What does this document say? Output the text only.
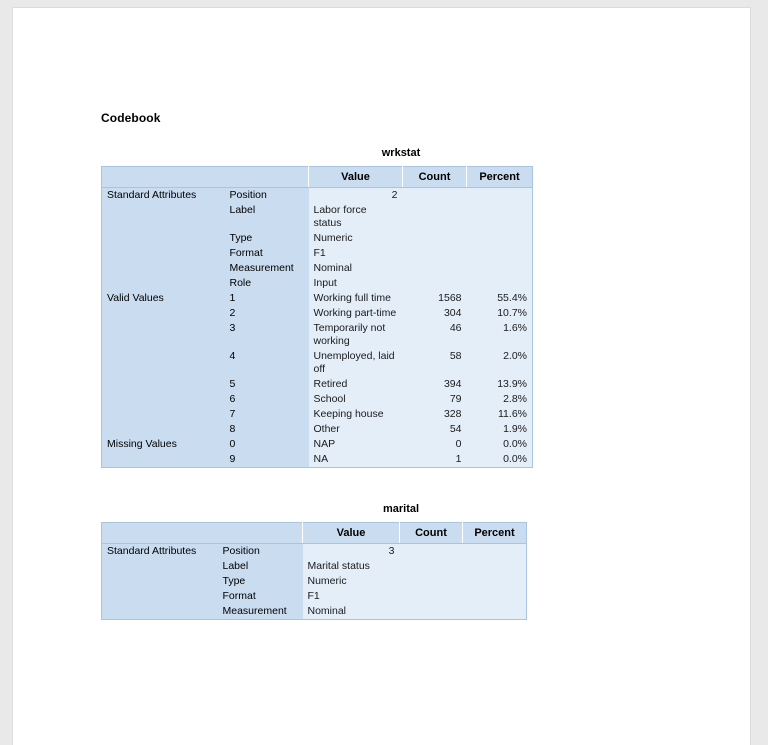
Codebook
wrkstat
		Value	Count	Percent
Standard Attributes	Position	2		
	Label	Labor force status		
	Type	Numeric		
	Format	F1		
	Measurement	Nominal		
	Role	Input		
Valid Values	1	Working full time	1568	55.4%
	2	Working part-time	304	10.7%
	3	Temporarily not working	46	1.6%
	4	Unemployed, laid off	58	2.0%
	5	Retired	394	13.9%
	6	School	79	2.8%
	7	Keeping house	328	11.6%
	8	Other	54	1.9%
Missing Values	0	NAP	0	0.0%
	9	NA	1	0.0%
marital
		Value	Count	Percent
Standard Attributes	Position	3		
	Label	Marital status		
	Type	Numeric		
	Format	F1		
	Measurement	Nominal		
